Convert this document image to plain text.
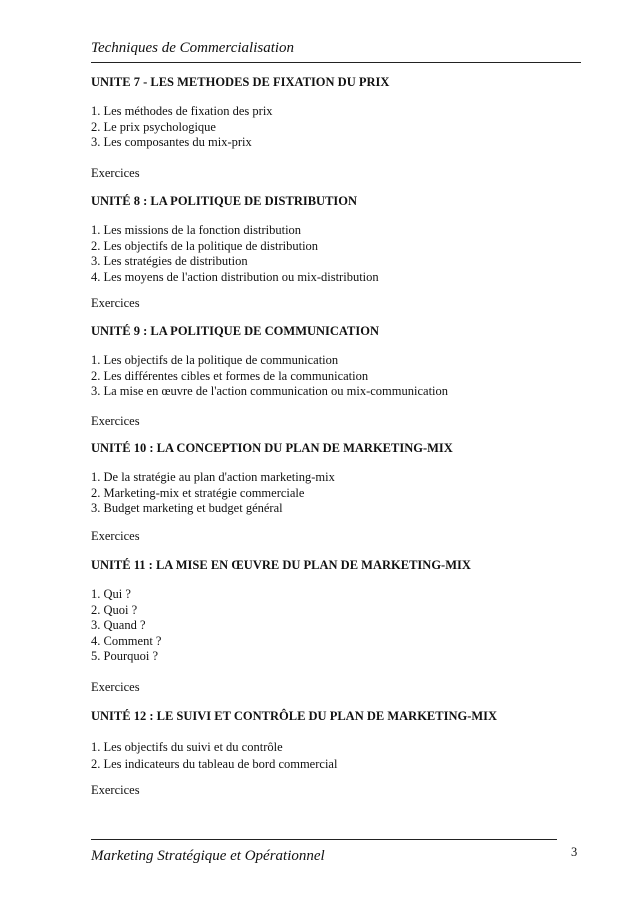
Techniques de Commercialisation
UNITE 7 - LES METHODES DE FIXATION DU PRIX
1. Les méthodes de fixation des prix
2. Le prix psychologique
3. Les composantes du mix-prix
Exercices
UNITÉ 8 : LA POLITIQUE DE DISTRIBUTION
1. Les missions de la fonction distribution
2. Les objectifs de la politique de distribution
3. Les stratégies de distribution
4. Les moyens de l'action distribution ou mix-distribution
Exercices
UNITÉ 9 : LA POLITIQUE DE COMMUNICATION
1. Les objectifs de la politique de communication
2. Les différentes cibles et formes de la communication
3. La mise en œuvre de l'action communication ou mix-communication
Exercices
UNITÉ 10 : LA CONCEPTION DU PLAN DE MARKETING-MIX
1. De la stratégie au plan d'action marketing-mix
2. Marketing-mix et stratégie commerciale
3. Budget marketing et budget général
Exercices
UNITÉ 11 : LA MISE EN ŒUVRE DU PLAN DE MARKETING-MIX
1. Qui ?
2. Quoi ?
3. Quand ?
4. Comment ?
5. Pourquoi ?
Exercices
UNITÉ 12 : LE SUIVI ET CONTRÔLE DU PLAN DE MARKETING-MIX
1. Les objectifs du suivi et du contrôle
2. Les indicateurs du tableau de bord commercial
Exercices
Marketing Stratégique et Opérationnel	3
